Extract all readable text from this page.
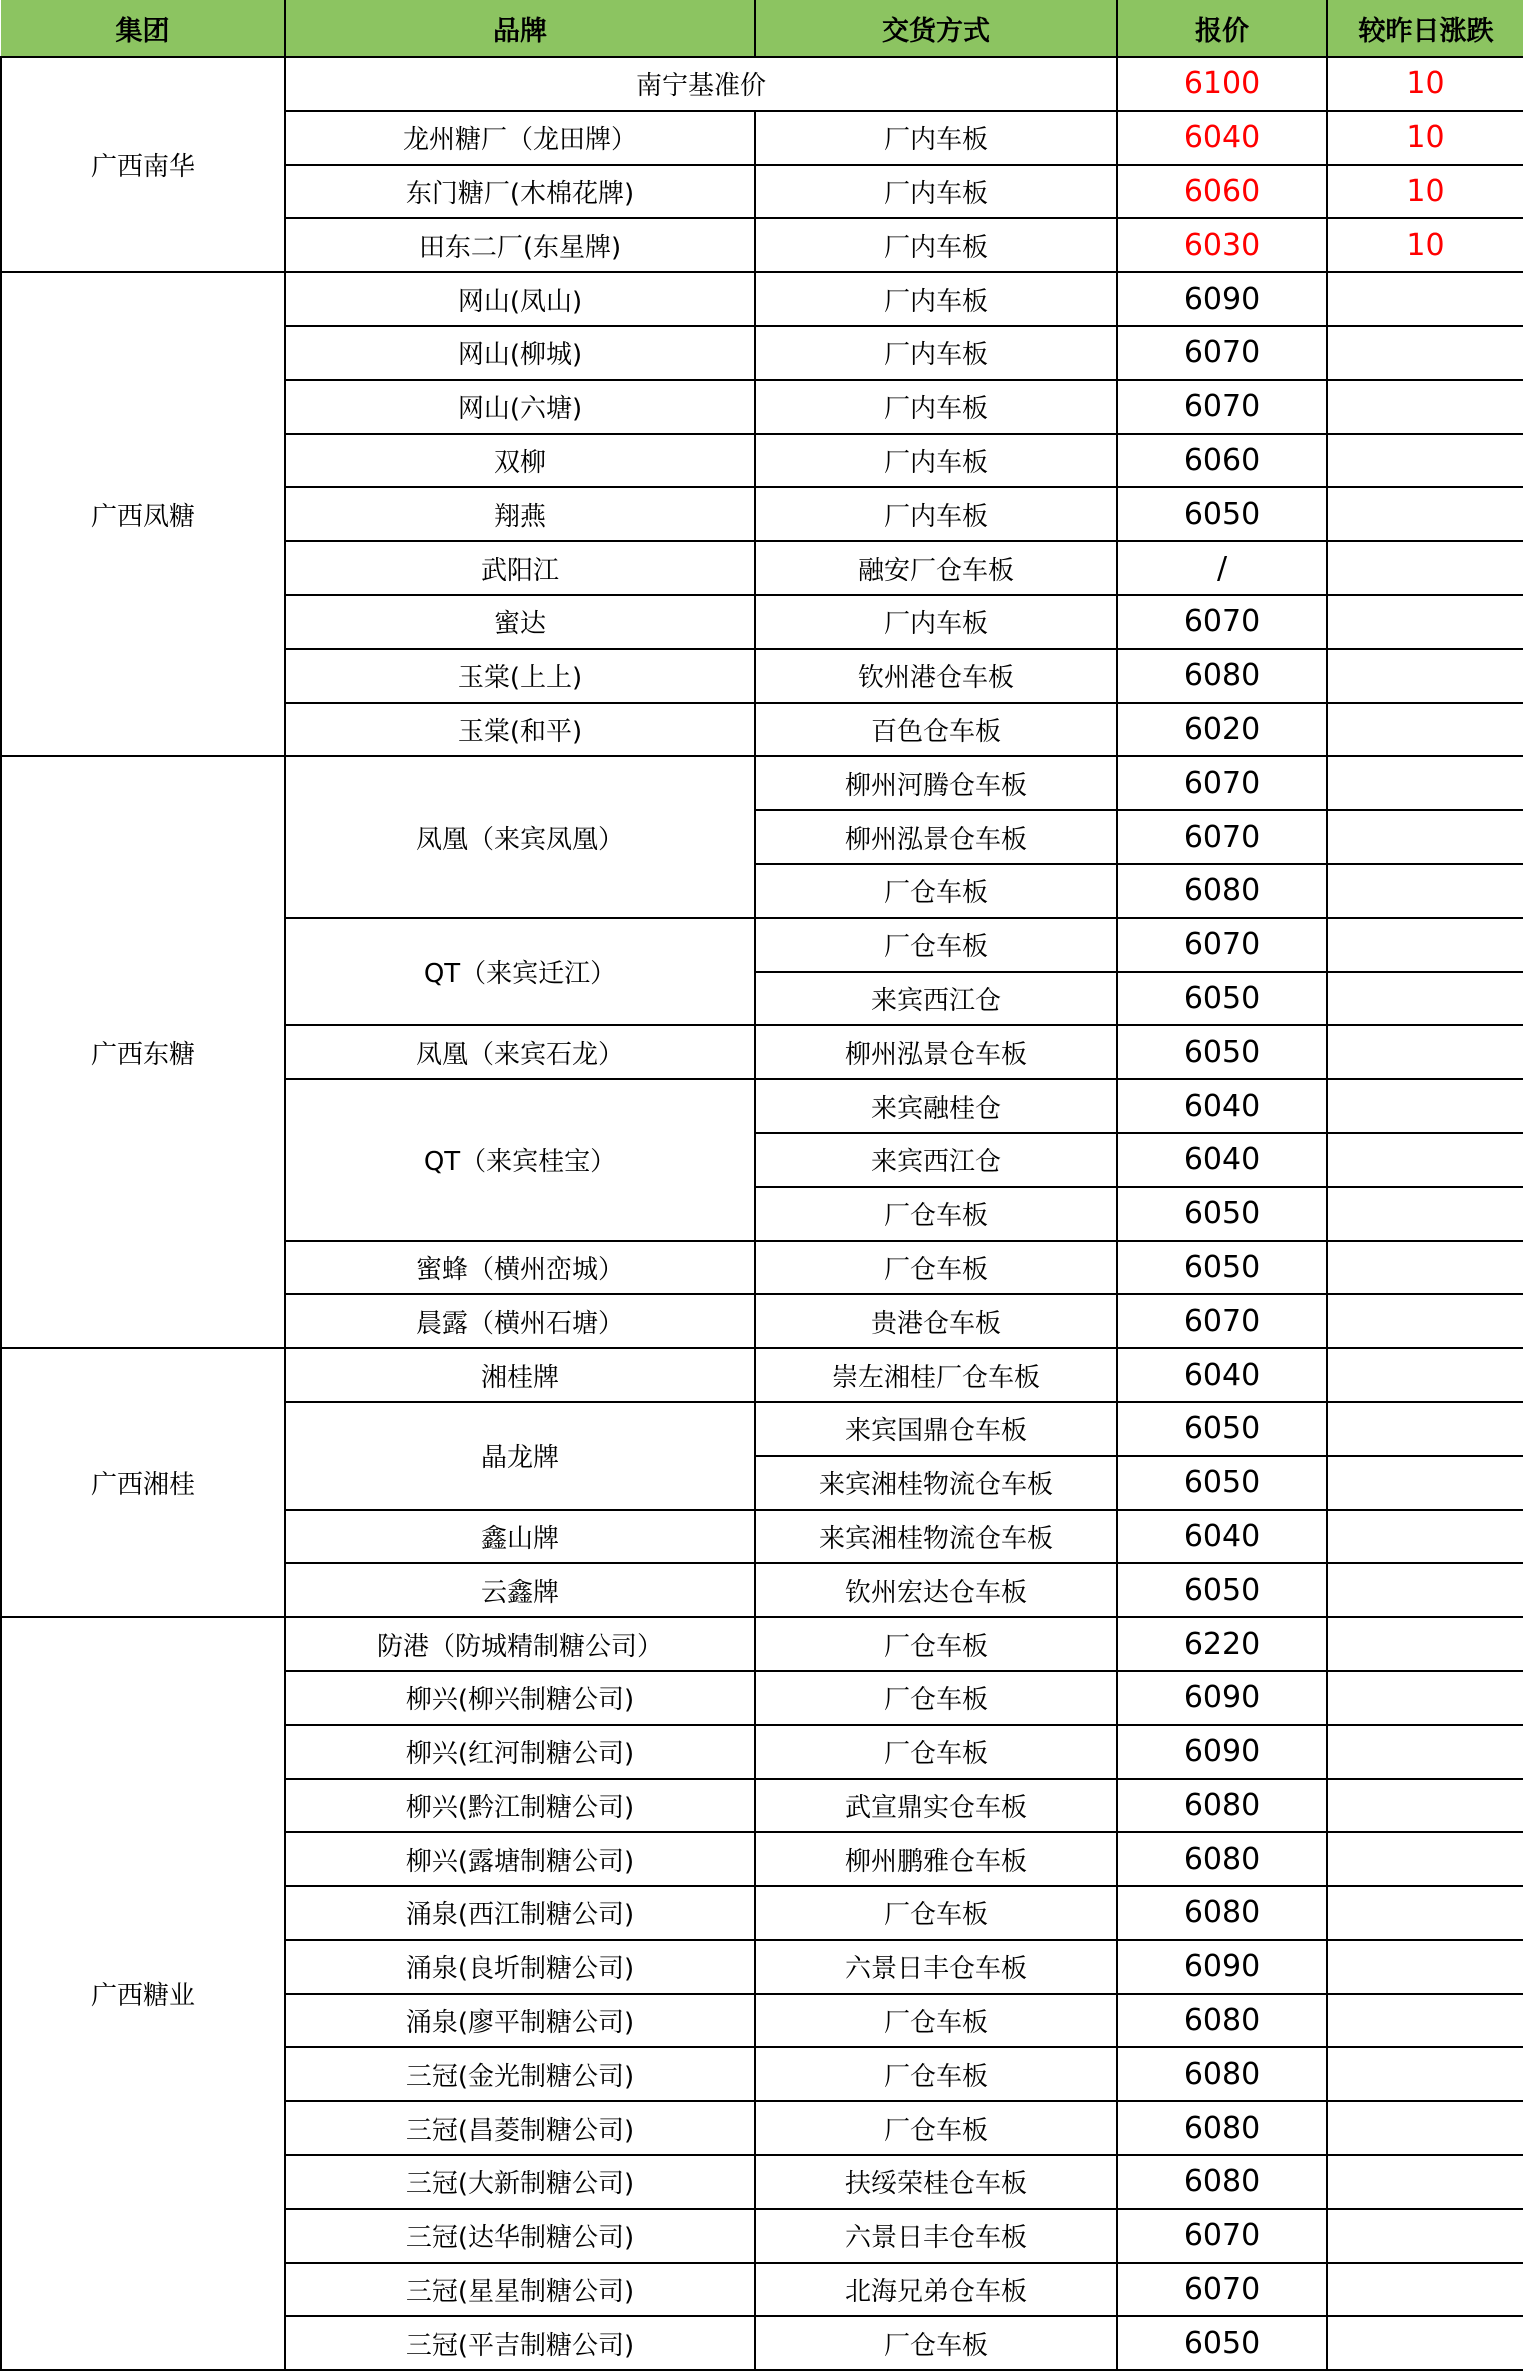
集团	品牌	交货方式	报价	较昨日涨跌
广西南华	南宁基准价		6100	10
	龙州糖厂（龙田牌）	厂内车板	6040	10
	东门糖厂(木棉花牌)	厂内车板	6060	10
	田东二厂(东星牌)	厂内车板	6030	10
广西凤糖	网山(凤山)	厂内车板	6090	
	网山(柳城)	厂内车板	6070	
	网山(六塘)	厂内车板	6070	
	双柳	厂内车板	6060	
	翔燕	厂内车板	6050	
	武阳江	融安厂仓车板	/	
	蜜达	厂内车板	6070	
	玉棠(上上)	钦州港仓车板	6080	
	玉棠(和平)	百色仓车板	6020	
广西东糖	凤凰（来宾凤凰）	柳州河腾仓车板	6070	
		柳州泓景仓车板	6070	
		厂仓车板	6080	
	QT（来宾迁江）	厂仓车板	6070	
		来宾西江仓	6050	
	凤凰（来宾石龙）	柳州泓景仓车板	6050	
	QT（来宾桂宝）	来宾融桂仓	6040	
		来宾西江仓	6040	
		厂仓车板	6050	
	蜜蜂（横州峦城）	厂仓车板	6050	
	晨露（横州石塘）	贵港仓车板	6070	
广西湘桂	湘桂牌	崇左湘桂厂仓车板	6040	
	晶龙牌	来宾国鼎仓车板	6050	
		来宾湘桂物流仓车板	6050	
	鑫山牌	来宾湘桂物流仓车板	6040	
	云鑫牌	钦州宏达仓车板	6050	
广西糖业	防港（防城精制糖公司）	厂仓车板	6220	
	柳兴(柳兴制糖公司)	厂仓车板	6090	
	柳兴(红河制糖公司)	厂仓车板	6090	
	柳兴(黔江制糖公司)	武宣鼎实仓车板	6080	
	柳兴(露塘制糖公司)	柳州鹏雅仓车板	6080	
	涌泉(西江制糖公司)	厂仓车板	6080	
	涌泉(良圻制糖公司)	六景日丰仓车板	6090	
	涌泉(廖平制糖公司)	厂仓车板	6080	
	三冠(金光制糖公司)	厂仓车板	6080	
	三冠(昌菱制糖公司)	厂仓车板	6080	
	三冠(大新制糖公司)	扶绥荣桂仓车板	6080	
	三冠(达华制糖公司)	六景日丰仓车板	6070	
	三冠(星星制糖公司)	北海兄弟仓车板	6070	
	三冠(平吉制糖公司)	厂仓车板	6050	
